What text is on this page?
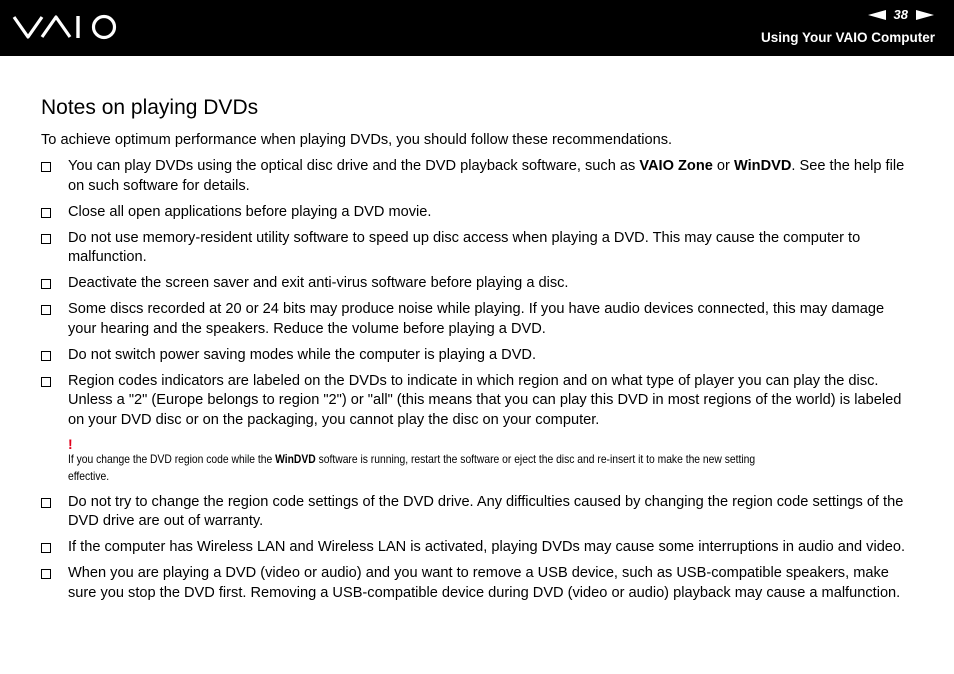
38
Using Your VAIO Computer
Notes on playing DVDs

To achieve optimum performance when playing DVDs, you should follow these recommendations.

You can play DVDs using the optical disc drive and the DVD playback software, such as VAIO Zone or WinDVD. See the help file on such software for details.
Close all open applications before playing a DVD movie.
Do not use memory-resident utility software to speed up disc access when playing a DVD. This may cause the computer to malfunction.
Deactivate the screen saver and exit anti-virus software before playing a disc.
Some discs recorded at 20 or 24 bits may produce noise while playing. If you have audio devices connected, this may damage your hearing and the speakers. Reduce the volume before playing a DVD.
Do not switch power saving modes while the computer is playing a DVD.
Region codes indicators are labeled on the DVDs to indicate in which region and on what type of player you can play the disc. Unless a "2" (Europe belongs to region "2") or "all" (this means that you can play this DVD in most regions of the world) is labeled on your DVD disc or on the packaging, you cannot play the disc on your computer.
!
If you change the DVD region code while the WinDVD software is running, restart the software or eject the disc and re-insert it to make the new setting
effective.
Do not try to change the region code settings of the DVD drive. Any difficulties caused by changing the region code settings of the DVD drive are out of warranty.
If the computer has Wireless LAN and Wireless LAN is activated, playing DVDs may cause some interruptions in audio and video.
When you are playing a DVD (video or audio) and you want to remove a USB device, such as USB-compatible speakers, make sure you stop the DVD first. Removing a USB-compatible device during DVD (video or audio) playback may cause a malfunction.
